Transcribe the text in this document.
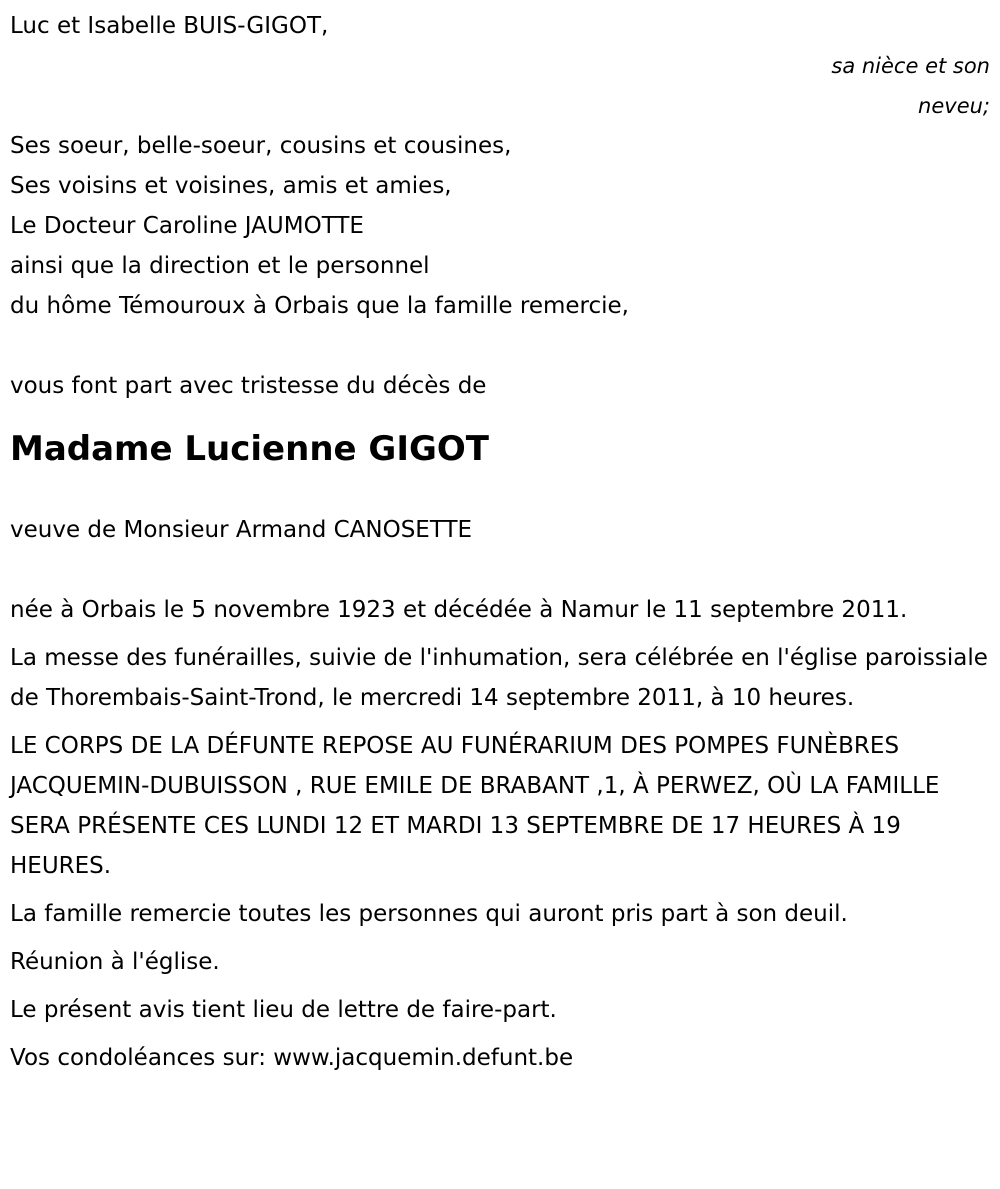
Luc et Isabelle BUIS-GIGOT,
sa nièce et son neveu;
Ses soeur, belle-soeur, cousins et cousines,
Ses voisins et voisines, amis et amies,
Le Docteur Caroline JAUMOTTE
ainsi que la direction et le personnel
du hôme Témouroux à Orbais que la famille remercie,
vous font part avec tristesse du décès de
Madame Lucienne GIGOT
veuve de Monsieur Armand CANOSETTE

née à Orbais le 5 novembre 1923 et décédée à Namur le 11 septembre 2011.

La messe des funérailles, suivie de l'inhumation, sera célébrée en l'église paroissiale de Thorembais-Saint-Trond, le mercredi 14 septembre 2011, à 10 heures.

LE CORPS DE LA DÉFUNTE REPOSE AU FUNÉRARIUM DES POMPES FUNÈBRES JACQUEMIN-DUBUISSON , RUE EMILE DE BRABANT ,1, À PERWEZ, OÙ LA FAMILLE SERA PRÉSENTE CES LUNDI 12 ET MARDI 13 SEPTEMBRE DE 17 HEURES À 19 HEURES.

La famille remercie toutes les personnes qui auront pris part à son deuil.

Réunion à l'église.

Le présent avis tient lieu de lettre de faire-part.

Vos condoléances sur: www.jacquemin.defunt.be
